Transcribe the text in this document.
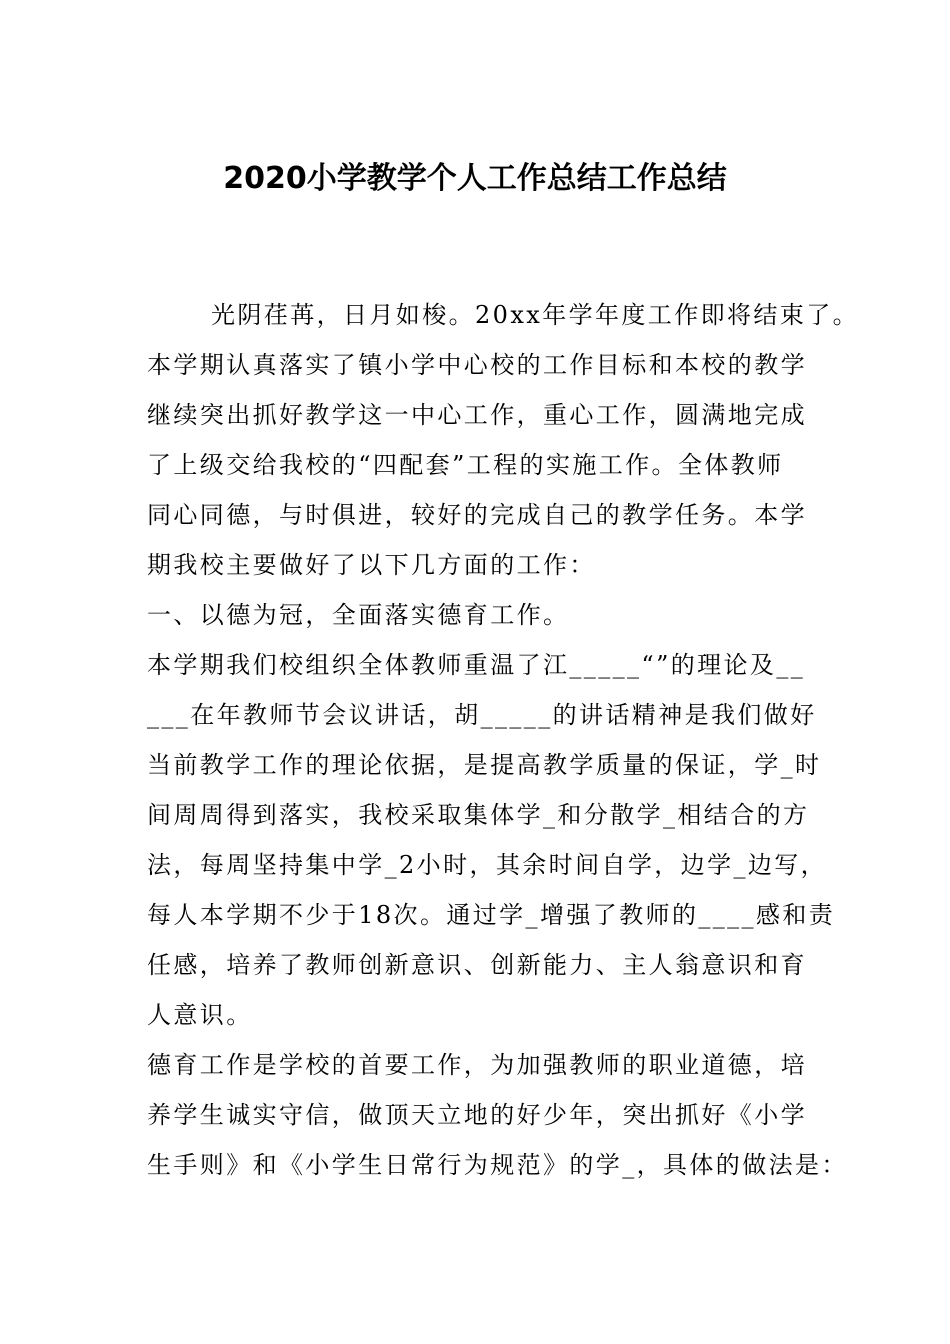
2020小学教学个人工作总结工作总结
光阴荏苒，日月如梭。20xx年学年度工作即将结束了。
本学期认真落实了镇小学中心校的工作目标和本校的教学
继续突出抓好教学这一中心工作，重心工作，圆满地完成
了上级交给我校的“四配套”工程的实施工作。全体教师
同心同德，与时俱进，较好的完成自己的教学任务。本学
期我校主要做好了以下几方面的工作：
一、以德为冠，全面落实德育工作。
本学期我们校组织全体教师重温了江_____“”的理论及__
___在年教师节会议讲话，胡_____的讲话精神是我们做好
当前教学工作的理论依据，是提高教学质量的保证，学_时
间周周得到落实，我校采取集体学_和分散学_相结合的方
法，每周坚持集中学_2小时，其余时间自学，边学_边写，
每人本学期不少于18次。通过学_增强了教师的____感和责
任感，培养了教师创新意识、创新能力、主人翁意识和育
人意识。
德育工作是学校的首要工作，为加强教师的职业道德，培
养学生诚实守信，做顶天立地的好少年，突出抓好《小学
生手则》和《小学生日常行为规范》的学_，具体的做法是：
